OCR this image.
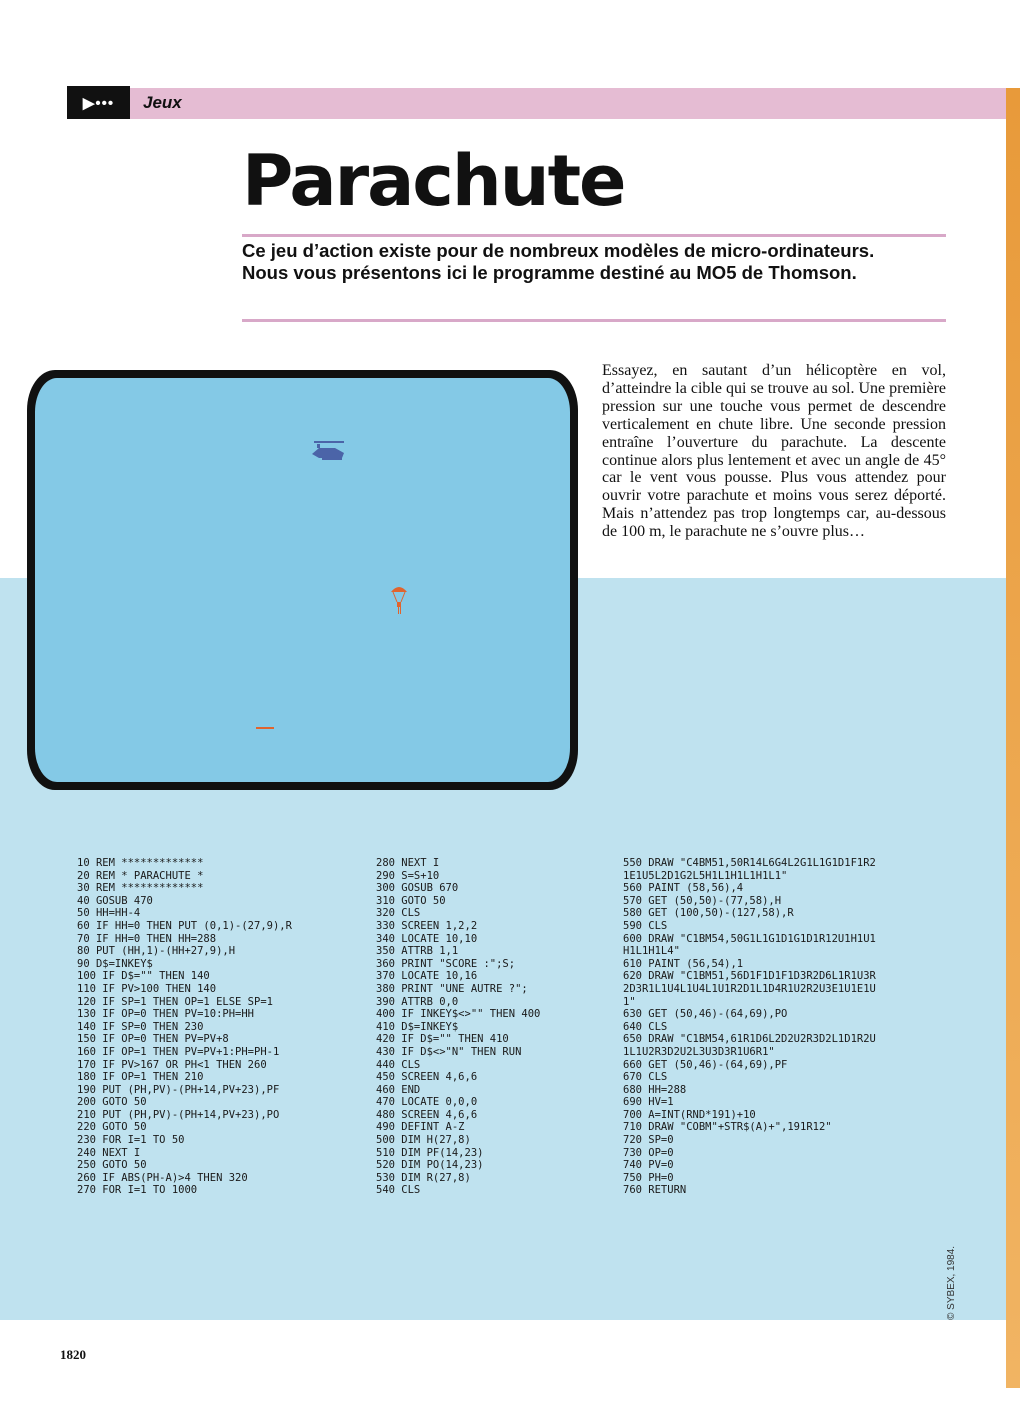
▶•••	Jeux
Parachute
Ce jeu d’action existe pour de nombreux modèles de micro-ordinateurs. Nous vous présentons ici le programme destiné au MO5 de Thomson.
Essayez, en sautant d’un hélicoptère en vol, d’atteindre la cible qui se trouve au sol. Une première pression sur une touche vous permet de descendre verticalement en chute libre. Une seconde pression entraîne l’ouverture du parachute. La descente continue alors plus lentement et avec un angle de 45° car le vent vous pousse. Plus vous attendez pour ouvrir votre parachute et moins vous serez déporté. Mais n’attendez pas trop longtemps car, au-dessous de 100 m, le parachute ne s’ouvre plus…
10 REM *************
20 REM * PARACHUTE *
30 REM *************
40 GOSUB 470
50 HH=HH-4
60 IF HH=0 THEN PUT (0,1)-(27,9),R
70 IF HH=0 THEN HH=288
80 PUT (HH,1)-(HH+27,9),H
90 D$=INKEY$
100 IF D$="" THEN 140
110 IF PV>100 THEN 140
120 IF SP=1 THEN OP=1 ELSE SP=1
130 IF OP=0 THEN PV=10:PH=HH
140 IF SP=0 THEN 230
150 IF OP=0 THEN PV=PV+8
160 IF OP=1 THEN PV=PV+1:PH=PH-1
170 IF PV>167 OR PH<1 THEN 260
180 IF OP=1 THEN 210
190 PUT (PH,PV)-(PH+14,PV+23),PF
200 GOTO 50
210 PUT (PH,PV)-(PH+14,PV+23),PO
220 GOTO 50
230 FOR I=1 TO 50
240 NEXT I
250 GOTO 50
260 IF ABS(PH-A)>4 THEN 320
270 FOR I=1 TO 1000
280 NEXT I
290 S=S+10
300 GOSUB 670
310 GOTO 50
320 CLS
330 SCREEN 1,2,2
340 LOCATE 10,10
350 ATTRB 1,1
360 PRINT "SCORE :";S;
370 LOCATE 10,16
380 PRINT "UNE AUTRE ?";
390 ATTRB 0,0
400 IF INKEY$<>"" THEN 400
410 D$=INKEY$
420 IF D$="" THEN 410
430 IF D$<>"N" THEN RUN
440 CLS
450 SCREEN 4,6,6
460 END
470 LOCATE 0,0,0
480 SCREEN 4,6,6
490 DEFINT A-Z
500 DIM H(27,8)
510 DIM PF(14,23)
520 DIM PO(14,23)
530 DIM R(27,8)
540 CLS
550 DRAW "C4BM51,50R14L6G4L2G1L1G1D1F1R2
1E1U5L2D1G2L5H1L1H1L1H1L1"
560 PAINT (58,56),4
570 GET (50,50)-(77,58),H
580 GET (100,50)-(127,58),R
590 CLS
600 DRAW "C1BM54,50G1L1G1D1G1D1R12U1H1U1
H1L1H1L4"
610 PAINT (56,54),1
620 DRAW "C1BM51,56D1F1D1F1D3R2D6L1R1U3R
2D3R1L1U4L1U4L1U1R2D1L1D4R1U2R2U3E1U1E1U
1"
630 GET (50,46)-(64,69),PO
640 CLS
650 DRAW "C1BM54,61R1D6L2D2U2R3D2L1D1R2U
1L1U2R3D2U2L3U3D3R1U6R1"
660 GET (50,46)-(64,69),PF
670 CLS
680 HH=288
690 HV=1
700 A=INT(RND*191)+10
710 DRAW "COBM"+STR$(A)+",191R12"
720 SP=0
730 OP=0
740 PV=0
750 PH=0
760 RETURN
1820
© SYBEX, 1984.
